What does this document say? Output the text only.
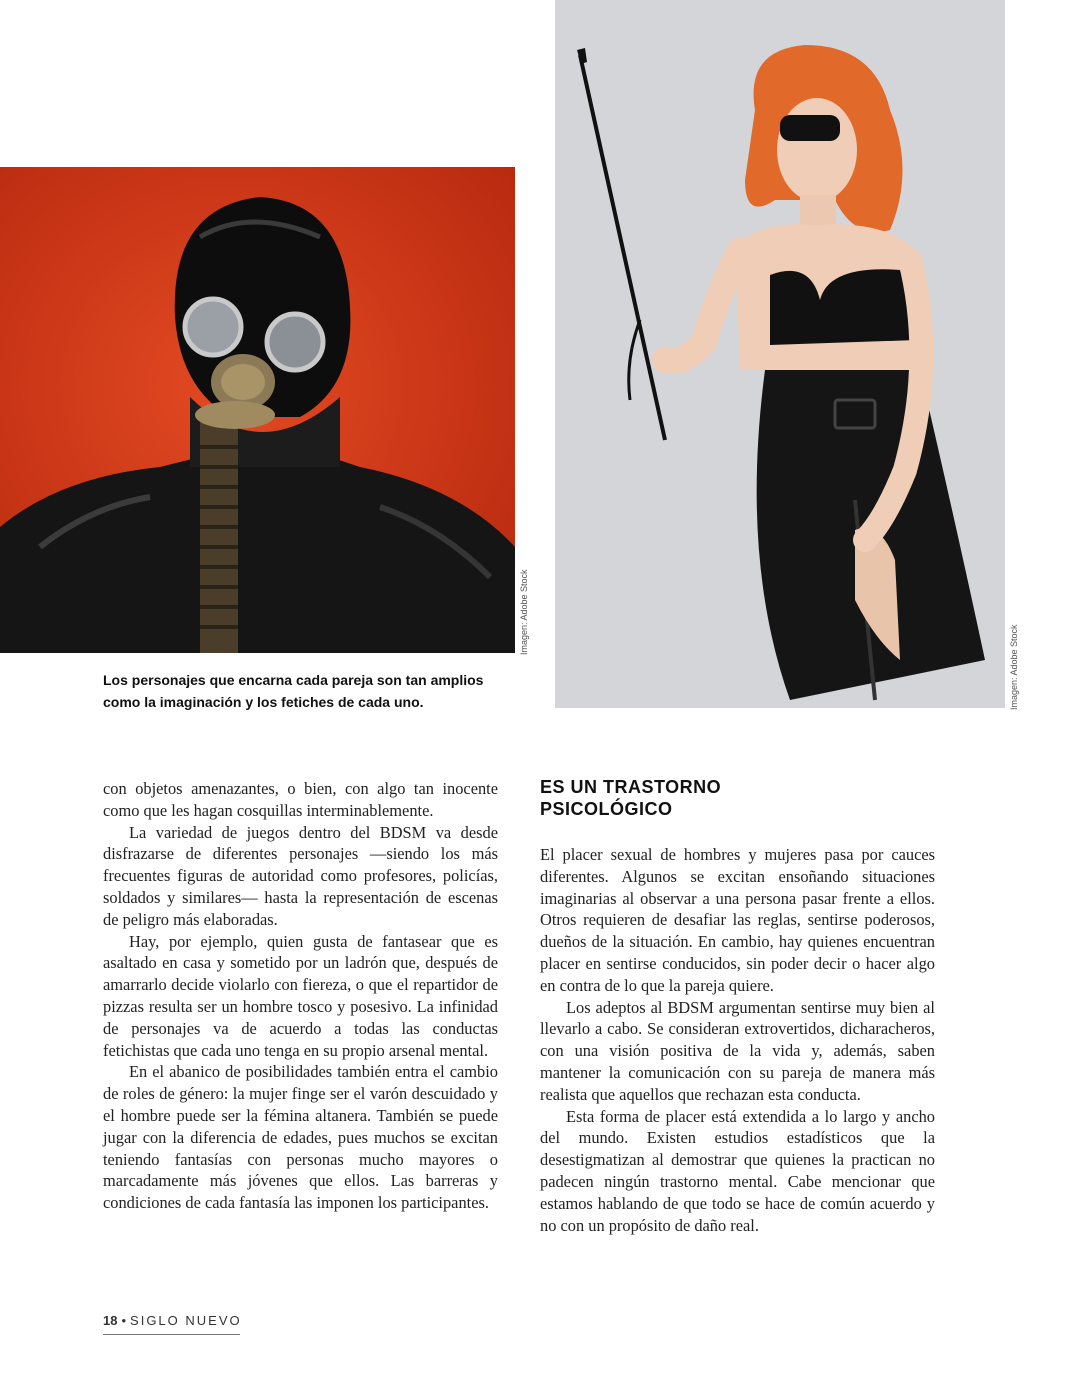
Imagen: Adobe Stock
Imagen: Adobe Stock
Los personajes que encarna cada pareja son tan amplios como la imaginación y los fetiches de cada uno.

con objetos amenazantes, o bien, con algo tan inocente como que les hagan cosquillas interminablemente.

La variedad de juegos dentro del BDSM va desde disfrazarse de diferentes personajes —siendo los más frecuentes figuras de autoridad como profesores, policías, soldados y similares— hasta la representación de escenas de peligro más elaboradas.

Hay, por ejemplo, quien gusta de fantasear que es asaltado en casa y sometido por un ladrón que, después de amarrarlo decide violarlo con fiereza, o que el repartidor de pizzas resulta ser un hombre tosco y posesivo. La infinidad de personajes va de acuerdo a todas las conductas fetichistas que cada uno tenga en su propio arsenal mental.

En el abanico de posibilidades también entra el cambio de roles de género: la mujer finge ser el varón descuidado y el hombre puede ser la fémina altanera. También se puede jugar con la diferencia de edades, pues muchos se excitan teniendo fantasías con personas mucho mayores o marcadamente más jóvenes que ellos. Las barreras y condiciones de cada fantasía las imponen los participantes.

ES UN TRASTORNO PSICOLÓGICO

El placer sexual de hombres y mujeres pasa por cauces diferentes. Algunos se excitan ensoñando situaciones imaginarias al observar a una persona pasar frente a ellos. Otros requieren de desafiar las reglas, sentirse poderosos, dueños de la situación. En cambio, hay quienes encuentran placer en sentirse conducidos, sin poder decir o hacer algo en contra de lo que la pareja quiere.

Los adeptos al BDSM argumentan sentirse muy bien al llevarlo a cabo. Se consideran extrovertidos, dicharacheros, con una visión positiva de la vida y, además, saben mantener la comunicación con su pareja de manera más realista que aquellos que rechazan esta conducta.

Esta forma de placer está extendida a lo largo y ancho del mundo. Existen estudios estadísticos que la desestigmatizan al demostrar que quienes la practican no padecen ningún trastorno mental. Cabe mencionar que estamos hablando de que todo se hace de común acuerdo y no con un propósito de daño real.

18 • SIGLO NUEVO
